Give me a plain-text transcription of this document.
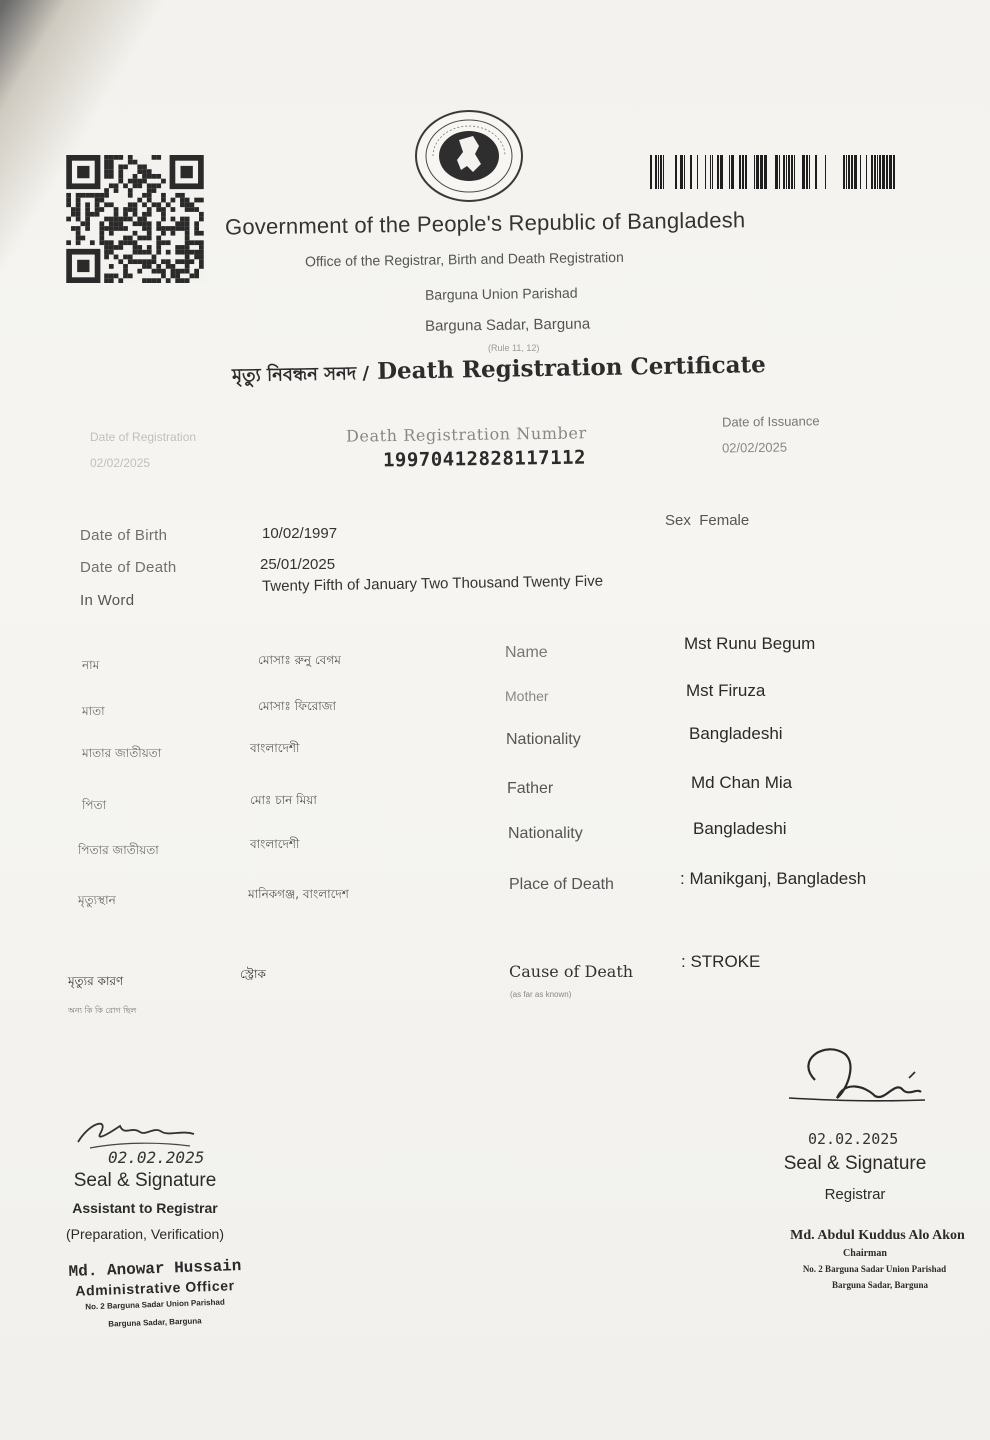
Government of the People's Republic of Bangladesh
Office of the Registrar, Birth and Death Registration
Barguna Union Parishad
Barguna Sadar, Barguna
(Rule 11, 12)
মৃত্যু নিবন্ধন সনদ / Death Registration Certificate
Date of Registration
02/02/2025
Death Registration Number
19970412828117112
Date of Issuance
02/02/2025
Date of Birth	10/02/1997
Date of Death	25/01/2025
In Word
Twenty Fifth of January Two Thousand Twenty Five
Sex Female
নাম	মোসাঃ রুনু বেগম
মাতা	মোসাঃ ফিরোজা
মাতার জাতীয়তা	বাংলাদেশী
পিতা	মোঃ চান মিয়া
পিতার জাতীয়তা	বাংলাদেশী
মৃত্যুস্থান	মানিকগঞ্জ, বাংলাদেশ
মৃত্যুর কারণ	স্ট্রোক
অন্য কি কি রোগ ছিল
Name	Mst Runu Begum
Mother	Mst Firuza
Nationality	Bangladeshi
Father	Md Chan Mia
Nationality	Bangladeshi
Place of Death	: Manikganj, Bangladesh
Cause of Death
: STROKE
(as far as known)
02.02.2025
Seal & Signature
Assistant to Registrar
(Preparation, Verification)
Md. Anowar Hussain
Administrative Officer
No. 2 Barguna Sadar Union Parishad
Barguna Sadar, Barguna
02.02.2025
Seal & Signature
Registrar
Md. Abdul Kuddus Alo Akon
Chairman
No. 2 Barguna Sadar Union Parishad
Barguna Sadar, Barguna
